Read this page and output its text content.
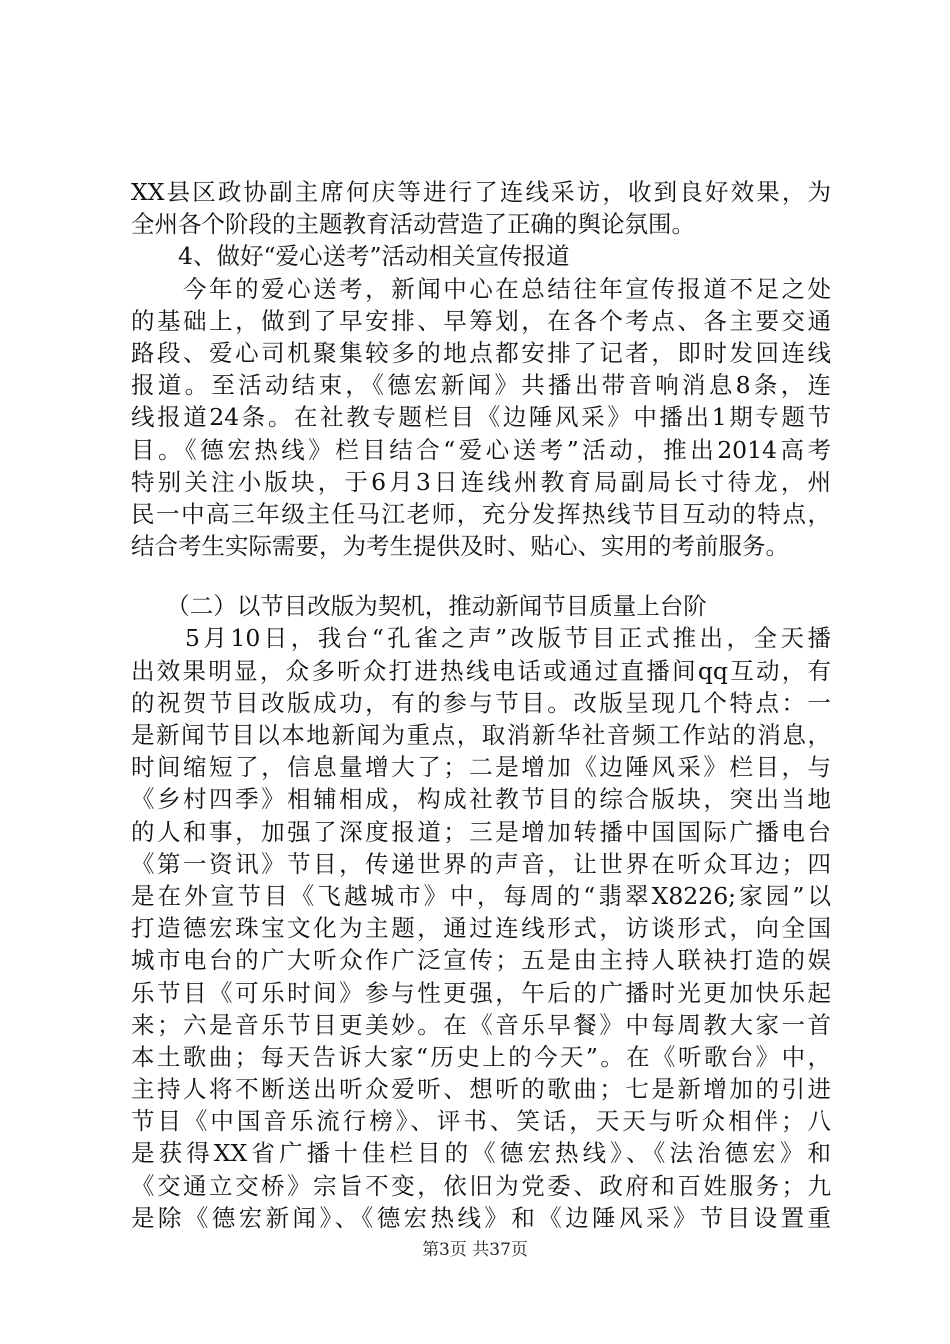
XX县区政协副主席何庆等进行了连线采访，收到良好效果，为
全州各个阶段的主题教育活动营造了正确的舆论氛围。
　　4、做好“爱心送考”活动相关宣传报道
　　今年的爱心送考，新闻中心在总结往年宣传报道不足之处
的基础上，做到了早安排、早筹划，在各个考点、各主要交通
路段、爱心司机聚集较多的地点都安排了记者，即时发回连线
报道。至活动结束，《德宏新闻》共播出带音响消息8条，连
线报道24条。在社教专题栏目《边陲风采》中播出1期专题节
目。《德宏热线》栏目结合“爱心送考”活动，推出2014高考
特别关注小版块，于6月3日连线州教育局副局长寸待龙，州
民一中高三年级主任马江老师，充分发挥热线节目互动的特点，
结合考生实际需要，为考生提供及时、贴心、实用的考前服务。
　　（二）以节目改版为契机，推动新闻节目质量上台阶
　　5月10日，我台“孔雀之声”改版节目正式推出，全天播
出效果明显，众多听众打进热线电话或通过直播间qq互动，有
的祝贺节目改版成功，有的参与节目。改版呈现几个特点：一
是新闻节目以本地新闻为重点，取消新华社音频工作站的消息，
时间缩短了，信息量增大了；二是增加《边陲风采》栏目，与
《乡村四季》相辅相成，构成社教节目的综合版块，突出当地
的人和事，加强了深度报道；三是增加转播中国国际广播电台
《第一资讯》节目，传递世界的声音，让世界在听众耳边；四
是在外宣节目《飞越城市》中，每周的“翡翠X8226;家园”以
打造德宏珠宝文化为主题，通过连线形式，访谈形式，向全国
城市电台的广大听众作广泛宣传；五是由主持人联袂打造的娱
乐节目《可乐时间》参与性更强，午后的广播时光更加快乐起
来；六是音乐节目更美妙。在《音乐早餐》中每周教大家一首
本土歌曲；每天告诉大家“历史上的今天”。在《听歌台》中，
主持人将不断送出听众爱听、想听的歌曲；七是新增加的引进
节目《中国音乐流行榜》、评书、笑话，天天与听众相伴；八
是获得XX省广播十佳栏目的《德宏热线》、《法治德宏》和
《交通立交桥》宗旨不变，依旧为党委、政府和百姓服务；九
是除《德宏新闻》、《德宏热线》和《边陲风采》节目设置重
第3页 共37页
